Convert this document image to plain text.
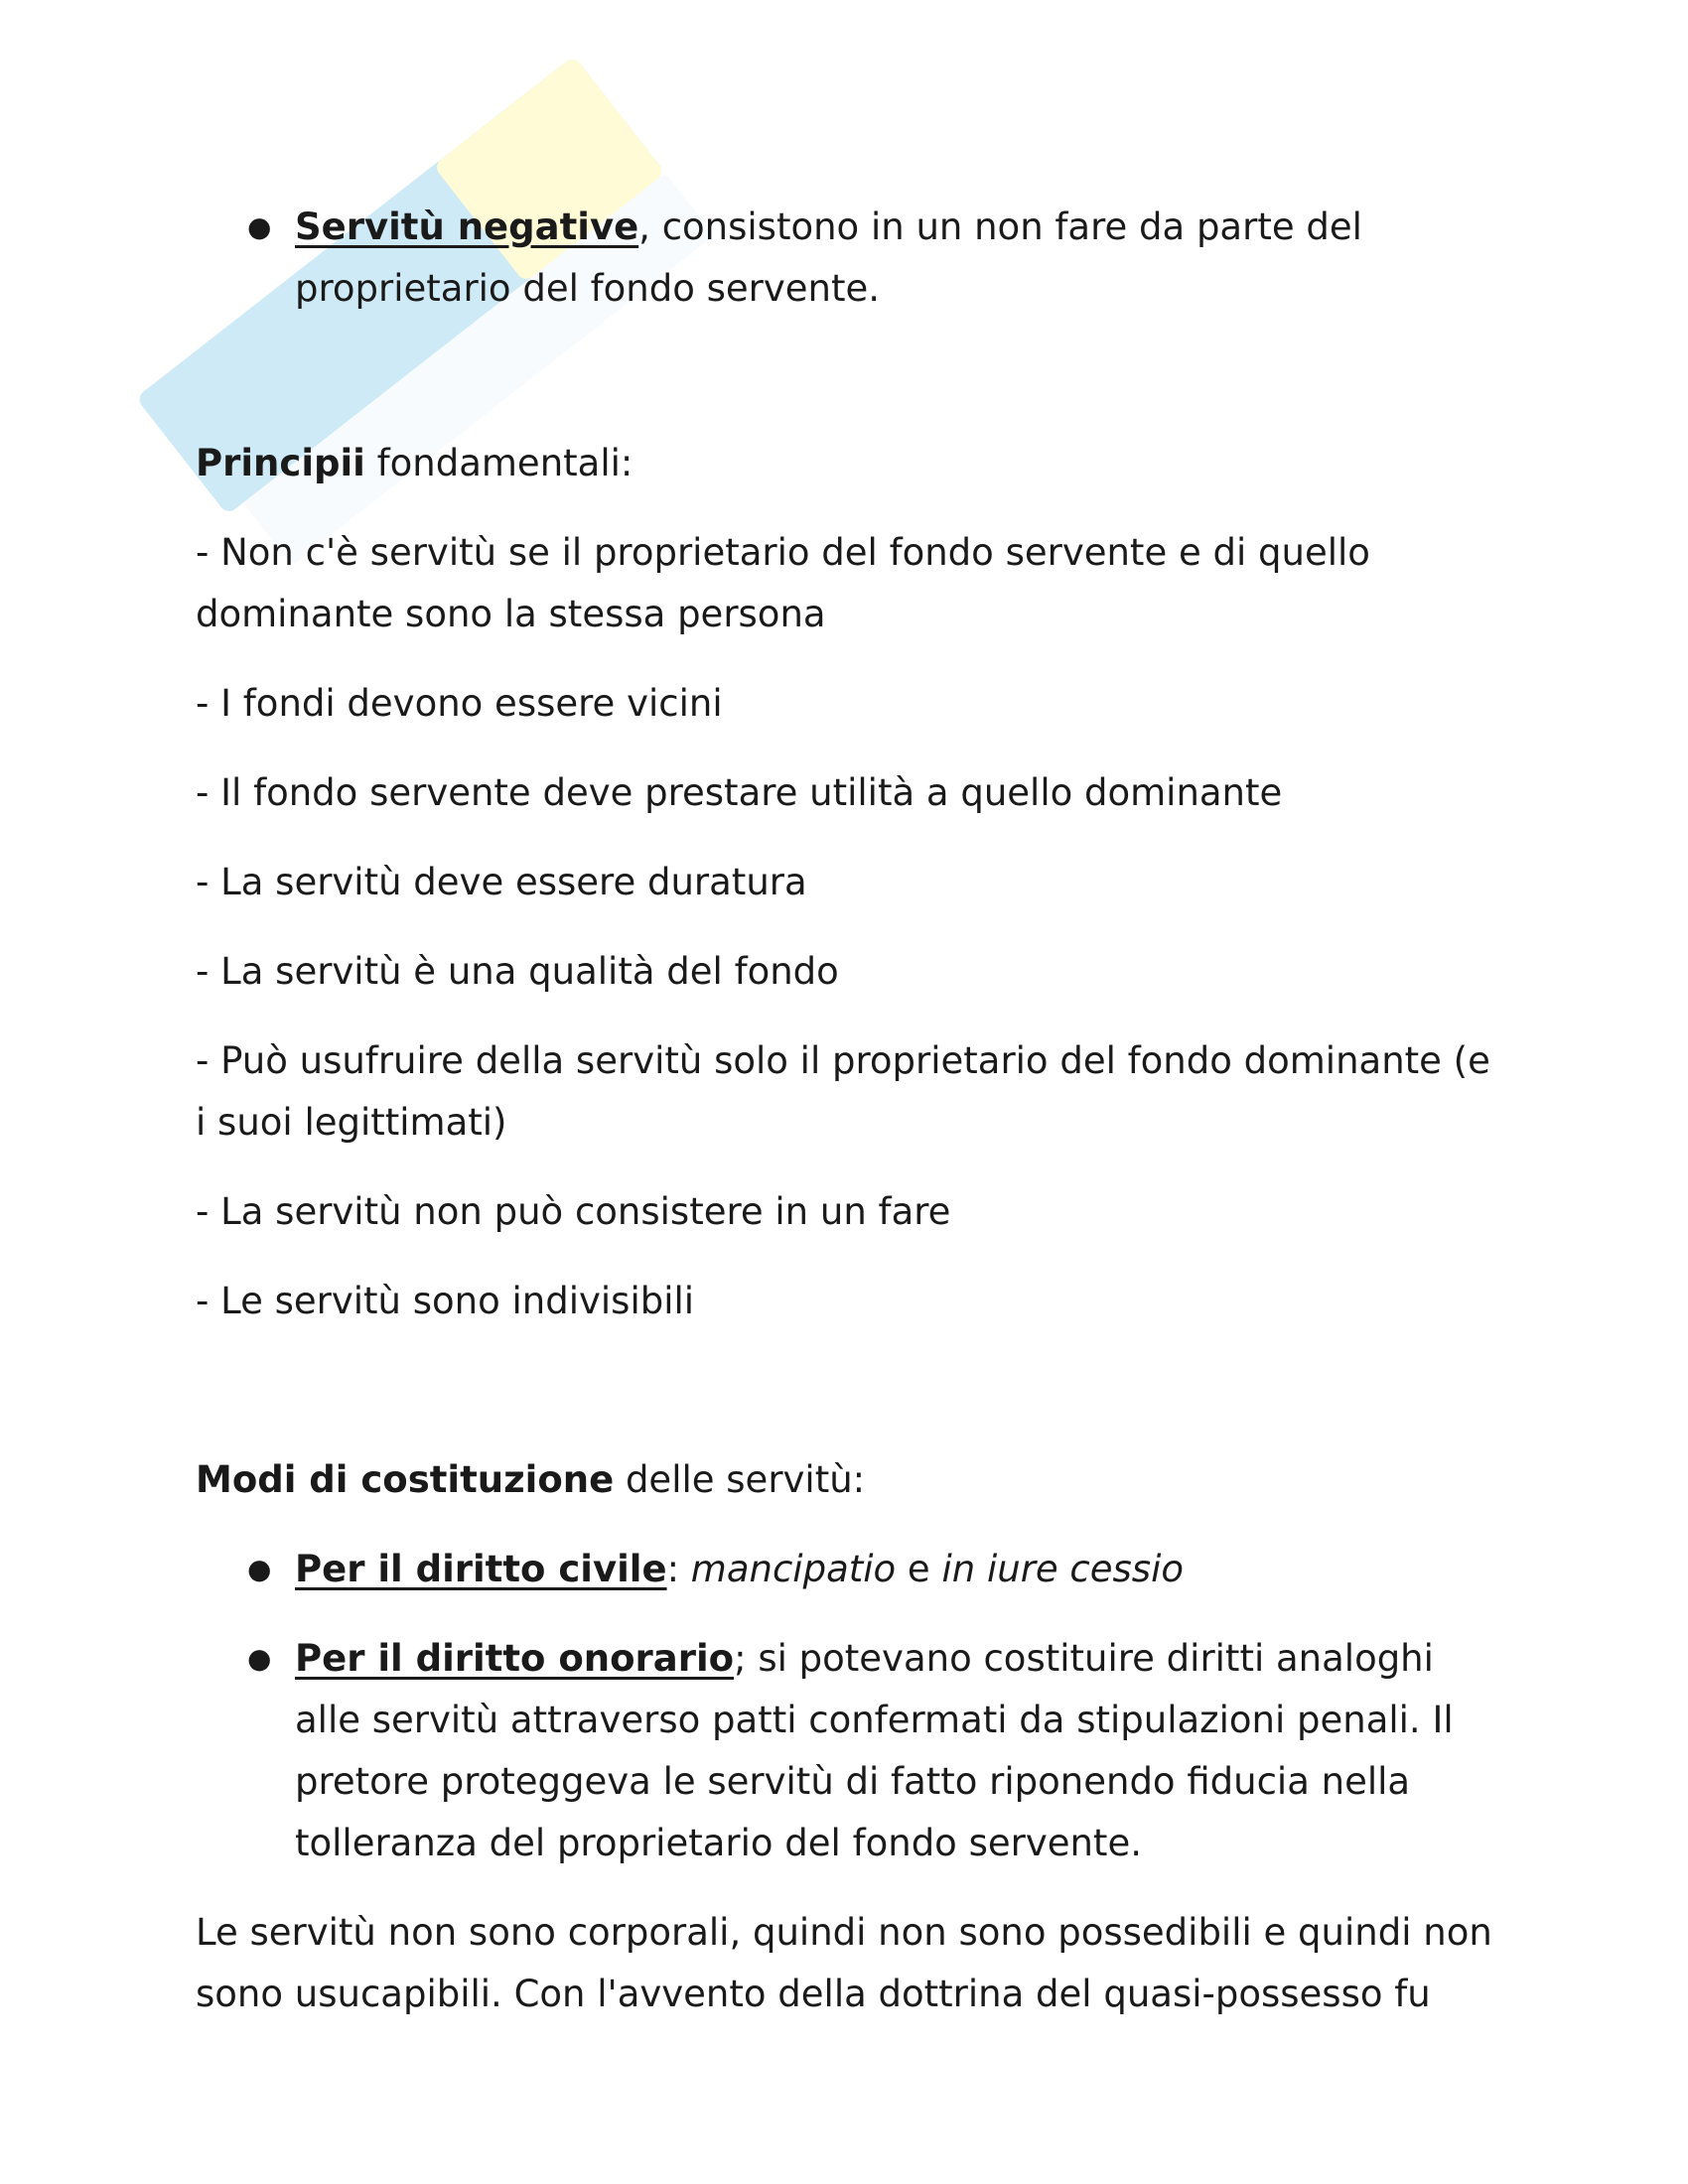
● Servitù negative, consistono in un non fare da parte del proprietario del fondo servente.
Principii fondamentali:

- Non c'è servitù se il proprietario del fondo servente e di quello dominante sono la stessa persona

- I fondi devono essere vicini

- Il fondo servente deve prestare utilità a quello dominante

- La servitù deve essere duratura

- La servitù è una qualità del fondo

- Può usufruire della servitù solo il proprietario del fondo dominante (e i suoi legittimati)

- La servitù non può consistere in un fare

- Le servitù sono indivisibili

Modi di costituzione delle servitù:
● Per il diritto civile: mancipatio e in iure cessio
● Per il diritto onorario; si potevano costituire diritti analoghi alle servitù attraverso patti confermati da stipulazioni penali. Il pretore proteggeva le servitù di fatto riponendo fiducia nella tolleranza del proprietario del fondo servente.

Le servitù non sono corporali, quindi non sono possedibili e quindi non sono usucapibili. Con l'avvento della dottrina del quasi-possesso fu
